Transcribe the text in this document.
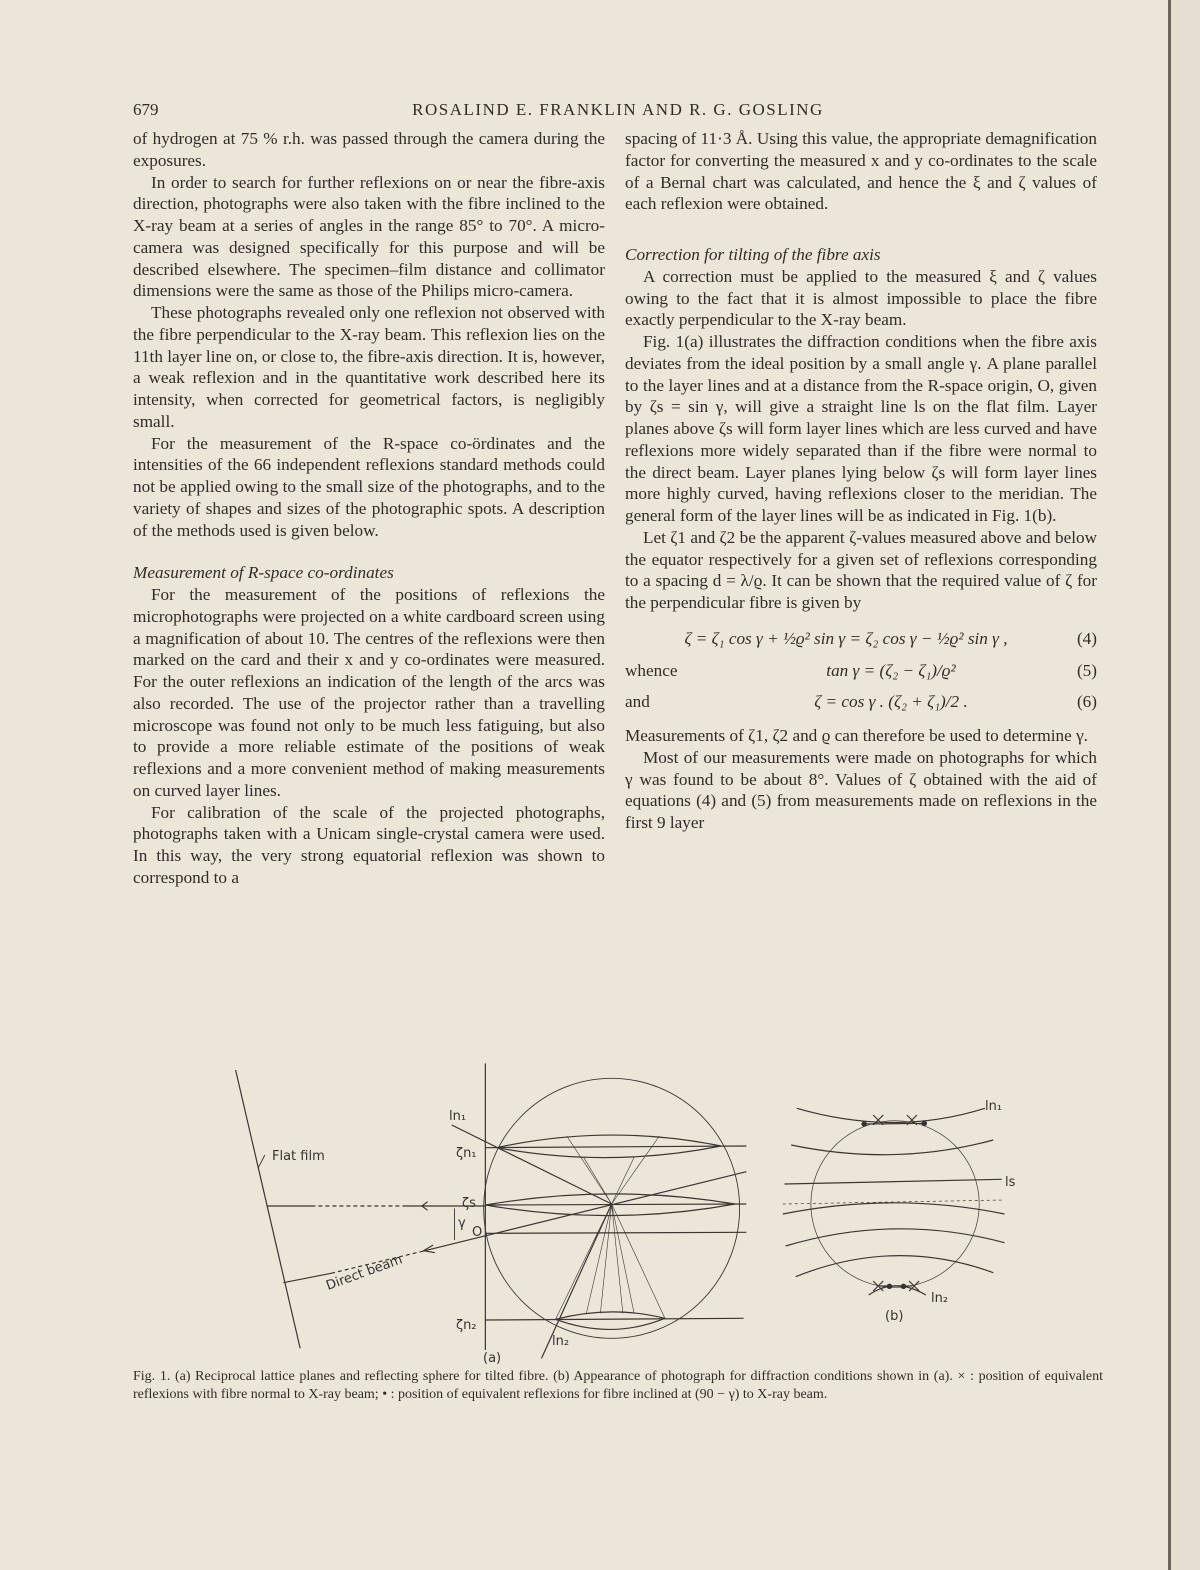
679	ROSALIND E. FRANKLIN AND R. G. GOSLING

of hydrogen at 75 % r.h. was passed through the camera during the exposures.

In order to search for further reflexions on or near the fibre-axis direction, photographs were also taken with the fibre inclined to the X-ray beam at a series of angles in the range 85° to 70°. A micro-camera was designed specifically for this purpose and will be described elsewhere. The specimen–film distance and collimator dimensions were the same as those of the Philips micro-camera.

These photographs revealed only one reflexion not observed with the fibre perpendicular to the X-ray beam. This reflexion lies on the 11th layer line on, or close to, the fibre-axis direction. It is, however, a weak reflexion and in the quantitative work described here its intensity, when corrected for geometrical factors, is negligibly small.

For the measurement of the R-space co-ördinates and the intensities of the 66 independent reflexions standard methods could not be applied owing to the small size of the photographs, and to the variety of shapes and sizes of the photographic spots. A description of the methods used is given below.

Measurement of R-space co-ordinates

For the measurement of the positions of reflexions the microphotographs were projected on a white cardboard screen using a magnification of about 10. The centres of the reflexions were then marked on the card and their x and y co-ordinates were measured. For the outer reflexions an indication of the length of the arcs was also recorded. The use of the projector rather than a travelling microscope was found not only to be much less fatiguing, but also to provide a more reliable estimate of the positions of weak reflexions and a more convenient method of making measurements on curved layer lines.

For calibration of the scale of the projected photographs, photographs taken with a Unicam single-crystal camera were used. In this way, the very strong equatorial reflexion was shown to correspond to a

spacing of 11·3 Å. Using this value, the appropriate demagnification factor for converting the measured x and y co-ordinates to the scale of a Bernal chart was calculated, and hence the ξ and ζ values of each reflexion were obtained.

Correction for tilting of the fibre axis

A correction must be applied to the measured ξ and ζ values owing to the fact that it is almost impossible to place the fibre exactly perpendicular to the X-ray beam.

Fig. 1(a) illustrates the diffraction conditions when the fibre axis deviates from the ideal position by a small angle γ. A plane parallel to the layer lines and at a distance from the R-space origin, O, given by ζs = sin γ, will give a straight line ls on the flat film. Layer planes above ζs will form layer lines which are less curved and have reflexions more widely separated than if the fibre were normal to the direct beam. Layer planes lying below ζs will form layer lines more highly curved, having reflexions closer to the meridian. The general form of the layer lines will be as indicated in Fig. 1(b).

Let ζ1 and ζ2 be the apparent ζ-values measured above and below the equator respectively for a given set of reflexions corresponding to a spacing d = λ/ϱ. It can be shown that the required value of ζ for the perpendicular fibre is given by

ζ = ζ₁ cos γ + ½ϱ² sin γ = ζ₂ cos γ − ½ϱ² sin γ ,	(4)
whence	tan γ = (ζ₂ − ζ₁)/ϱ²	(5)
and	ζ = cos γ . (ζ₂ + ζ₁)/2 .	(6)

Measurements of ζ1, ζ2 and ϱ can therefore be used to determine γ.

Most of our measurements were made on photographs for which γ was found to be about 8°. Values of ζ obtained with the aid of equations (4) and (5) from measurements made on reflexions in the first 9 layer

Flat film
Direct beam
ln₁
ζn₁
ζs
γ
O
ζn₂
ln₂
(a)
ln₁
ls
ln₂
(b)
Fig. 1. (a) Reciprocal lattice planes and reflecting sphere for tilted fibre. (b) Appearance of photograph for diffraction conditions shown in (a). × : position of equivalent reflexions with fibre normal to X-ray beam; • : position of equivalent reflexions for fibre inclined at (90 − γ) to X-ray beam.
